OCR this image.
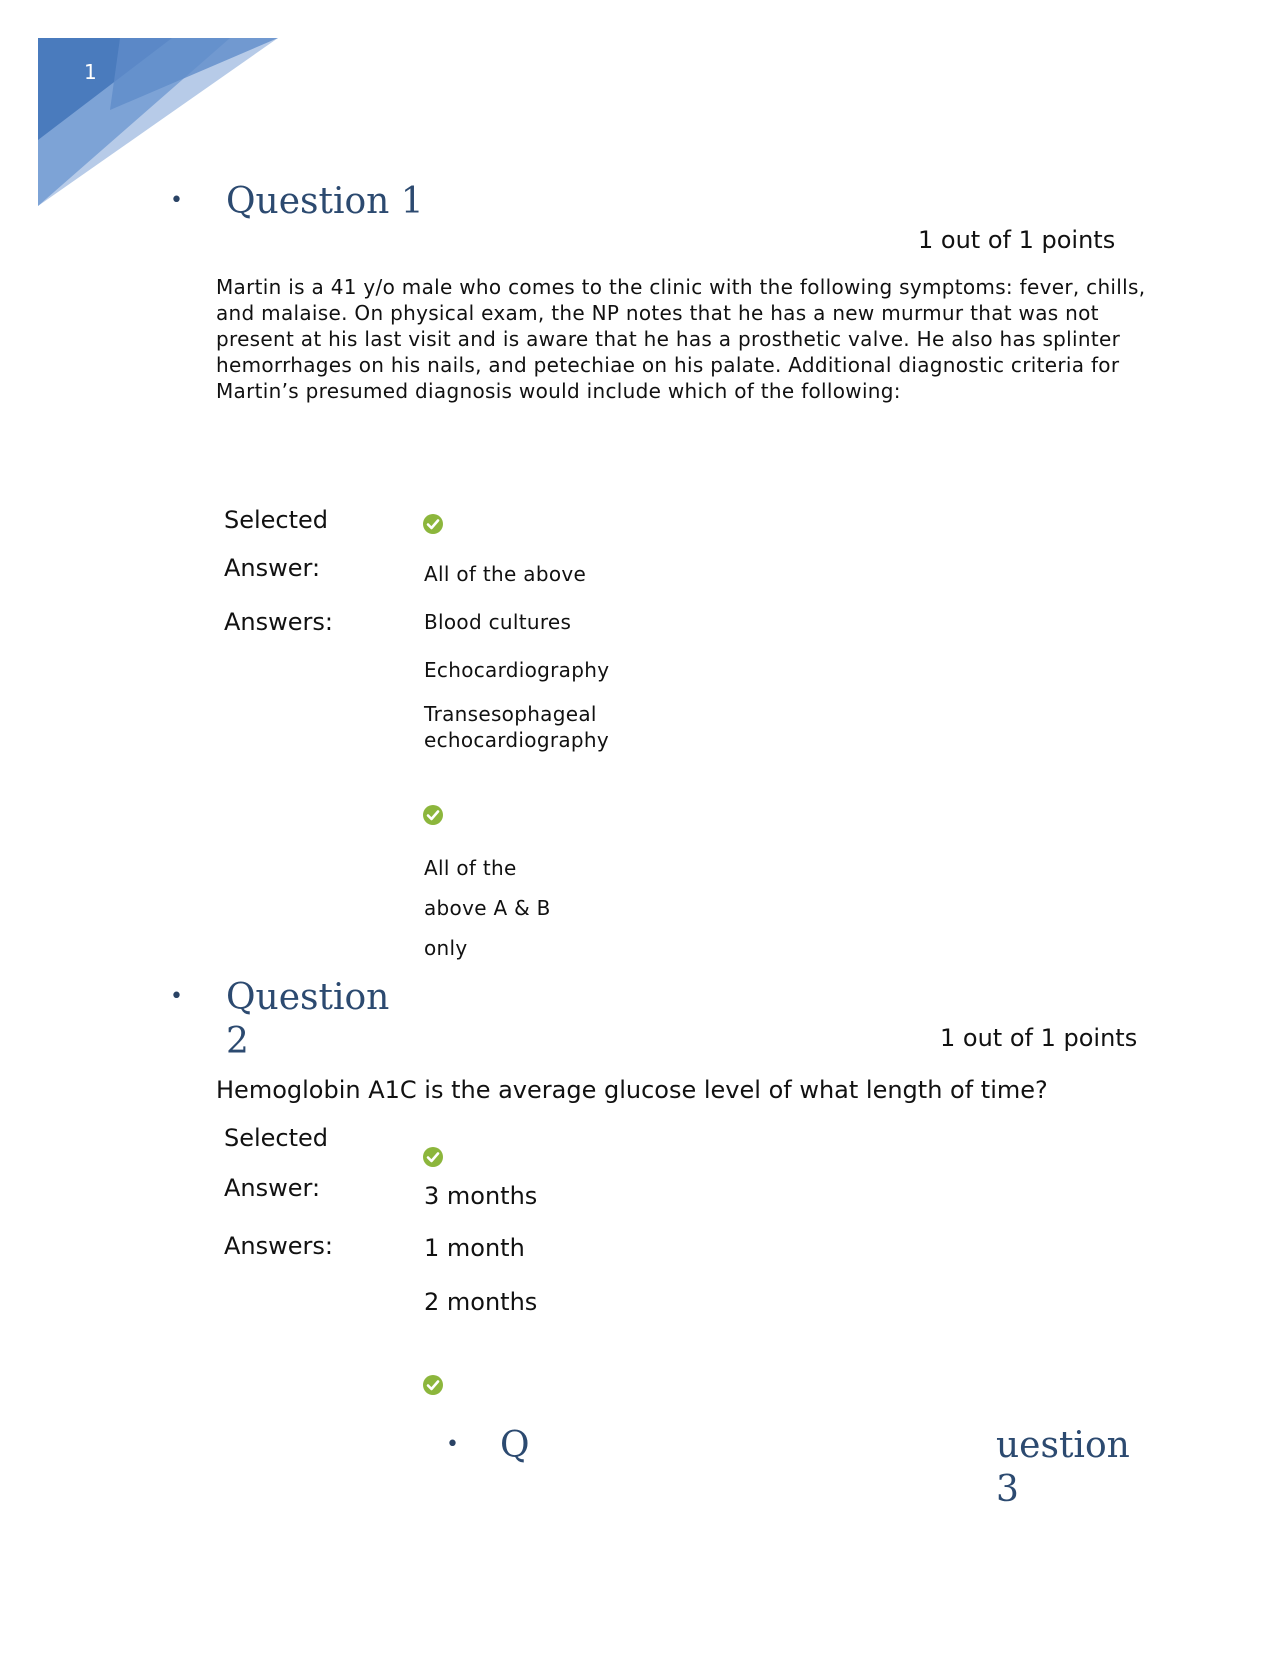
1
• Question 1
1 out of 1 points
Martin is a 41 y/o male who comes to the clinic with the following symptoms: fever, chills, and malaise. On physical exam, the NP notes that he has a new murmur that was not present at his last visit and is aware that he has a prosthetic valve. He also has splinter hemorrhages on his nails, and petechiae on his palate. Additional diagnostic criteria for Martin’s presumed diagnosis would include which of the following:
Selected
Answer:
Answers:
All of the above
Blood cultures
Echocardiography
Transesophageal
echocardiography
All of the
above A & B
only
• Question
2	1 out of 1 points
Hemoglobin A1C is the average glucose level of what length of time?
Selected
Answer:
Answers:
3 months
1 month
2 months
• Q	uestion
3
